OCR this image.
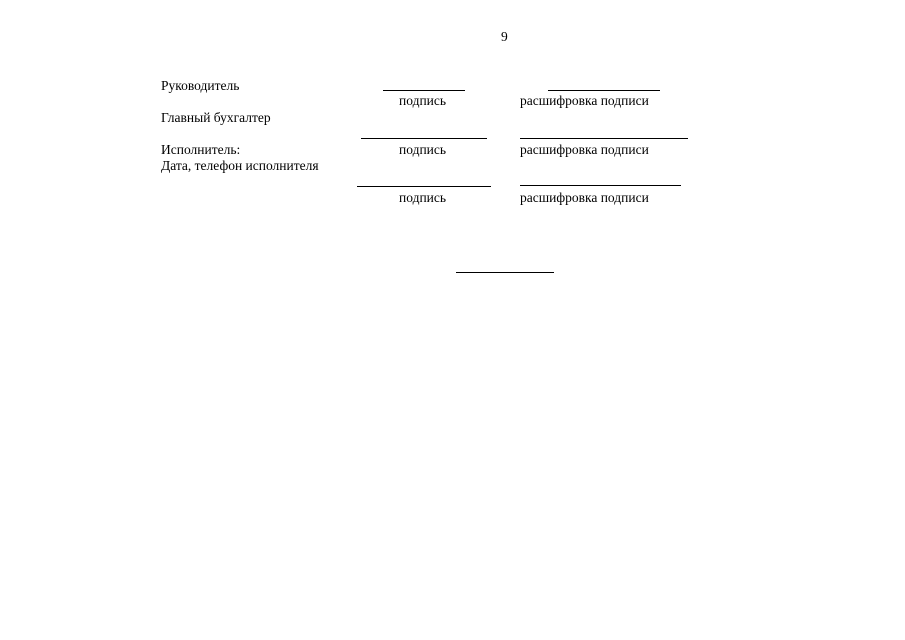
9
Руководитель
подпись	расшифровка подписи
Главный бухгалтер
подпись	расшифровка подписи
Исполнитель:
Дата, телефон исполнителя
подпись	расшифровка подписи
